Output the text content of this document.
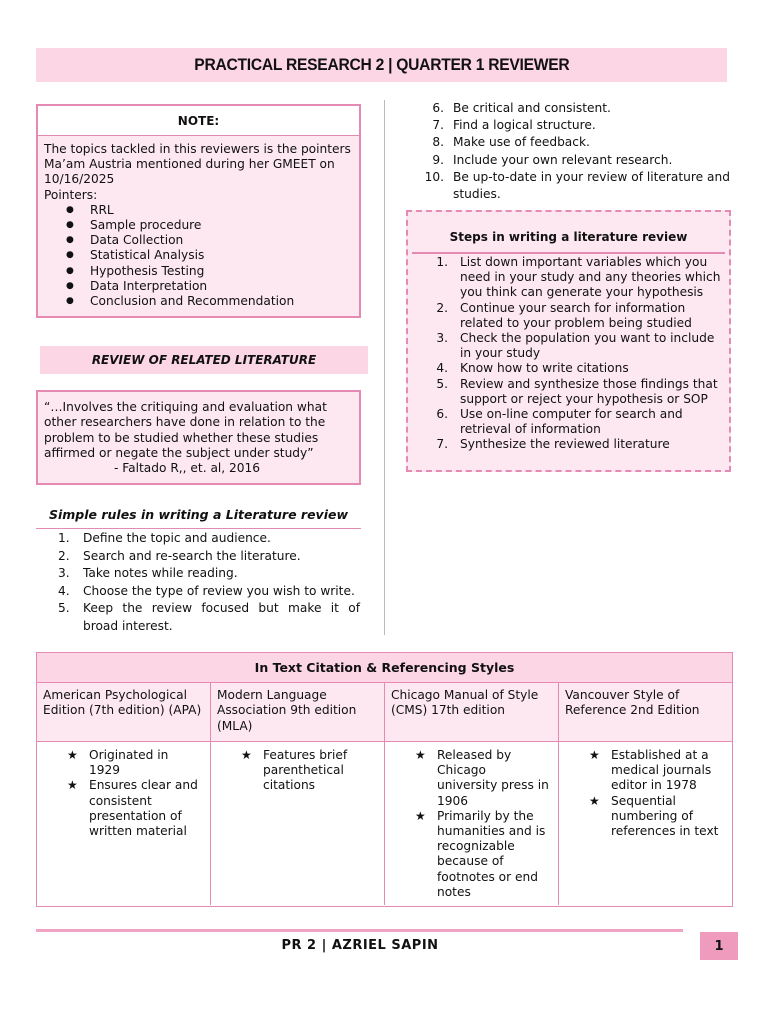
PRACTICAL RESEARCH 2 | QUARTER 1 REVIEWER
NOTE:
The topics tackled in this reviewers is the pointers Ma’am Austria mentioned during her GMEET on 10/16/2025
Pointers:
● RRL
● Sample procedure
● Data Collection
● Statistical Analysis
● Hypothesis Testing
● Data Interpretation
● Conclusion and Recommendation
REVIEW OF RELATED LITERATURE
“…Involves the critiquing and evaluation what other researchers have done in relation to the problem to be studied whether these studies affirmed or negate the subject under study”
- Faltado R,, et. al, 2016
Simple rules in writing a Literature review
1. Define the topic and audience.
2. Search and re-search the literature.
3. Take notes while reading.
4. Choose the type of review you wish to write.
5. Keep the review focused but make it of broad interest.
6. Be critical and consistent.
7. Find a logical structure.
8. Make use of feedback.
9. Include your own relevant research.
10. Be up-to-date in your review of literature and studies.
Steps in writing a literature review
1. List down important variables which you need in your study and any theories which you think can generate your hypothesis
2. Continue your search for information related to your problem being studied
3. Check the population you want to include in your study
4. Know how to write citations
5. Review and synthesize those findings that support or reject your hypothesis or SOP
6. Use on-line computer for search and retrieval of information
7. Synthesize the reviewed literature
In Text Citation & Referencing Styles
American Psychological Edition (7th edition) (APA)
Modern Language Association 9th edition (MLA)
Chicago Manual of Style (CMS) 17th edition
Vancouver Style of Reference 2nd Edition
★ Originated in 1929
★ Ensures clear and consistent presentation of written material
★ Features brief parenthetical citations
★ Released by Chicago university press in 1906
★ Primarily by the humanities and is recognizable because of footnotes or end notes
★ Established at a medical journals editor in 1978
★ Sequential numbering of references in text
PR 2 | AZRIEL SAPIN	1
